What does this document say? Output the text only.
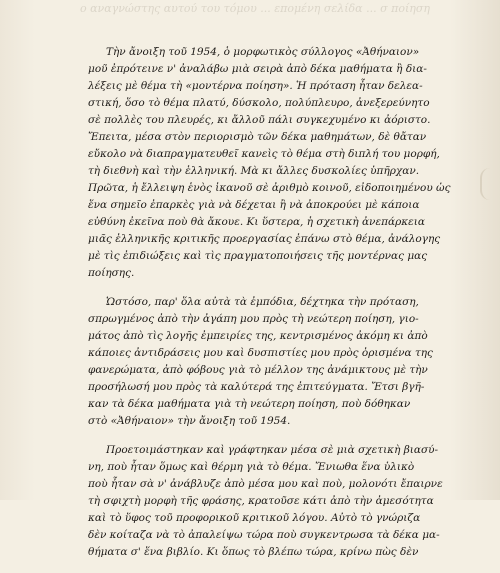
ο αναγνώστης αυτού του τόμου ... επομένη σελίδα ... σ ποίηση
Τὴν ἄνοιξη τοῦ 1954, ὁ μορφωτικὸς σύλλογος «Ἀθήναιον»
μοῦ ἐπρότεινε ν' ἀναλάβω μιὰ σειρὰ ἀπὸ δέκα μαθήματα ἢ δια-
λέξεις μὲ θέμα τὴ «μοντέρνα ποίηση». Ἡ πρόταση ἦταν δελεα-
στική, ὅσο τὸ θέμα πλατύ, δύσκολο, πολύπλευρο, ἀνεξερεύνητο
σὲ πολλὲς του πλευρές, κι ἄλλοῦ πάλι συγκεχυμένο κι ἀόριστο.
Ἔπειτα, μέσα στὸν περιορισμὸ τῶν δέκα μαθημάτων, δὲ θἄταν
εὔκολο νὰ διαπραγματευθεῖ κανεὶς τὸ θέμα στὴ διπλή του μορφή,
τὴ διεθνὴ καὶ τὴν ἑλληνική. Μὰ κι ἄλλες δυσκολίες ὑπῆρχαν.
Πρῶτα, ἡ ἔλλειψη ἑνὸς ἱκανοῦ σὲ ἀριθμὸ κοινοῦ, εἰδοποιημένου ὡς
ἕνα σημεῖο ἐπαρκὲς γιὰ νὰ δέχεται ἢ νὰ ἀποκρούει μὲ κάποια
εὐθύνη ἐκεῖνα ποὺ θὰ ἄκουε. Κι ὕστερα, ἡ σχετικὴ ἀνεπάρκεια
μιᾶς ἑλληνικῆς κριτικῆς προεργασίας ἐπάνω στὸ θέμα, ἀνάλογης
μὲ τὶς ἐπιδιώξεις καὶ τὶς πραγματοποιήσεις τῆς μοντέρνας μας
ποίησης.
Ὡστόσο, παρ' ὅλα αὐτὰ τὰ ἐμπόδια, δέχτηκα τὴν πρόταση,
σπρωγμένος ἀπὸ τὴν ἀγάπη μου πρὸς τὴ νεώτερη ποίηση, γιο-
μάτος ἀπὸ τὶς λογῆς ἐμπειρίες της, κεντρισμένος ἀκόμη κι ἀπὸ
κάποιες ἀντιδράσεις μου καὶ δυσπιστίες μου πρὸς ὁρισμένα της
φανερώματα, ἀπὸ φόβους γιὰ τὸ μέλλον της ἀνάμικτους μὲ τὴν
προσήλωσή μου πρὸς τὰ καλύτερά της ἐπιτεύγματα. Ἔτσι βγῆ-
καν τὰ δέκα μαθήματα γιὰ τὴ νεώτερη ποίηση, ποὺ δόθηκαν
στὸ «Ἀθήναιον» τὴν ἄνοιξη τοῦ 1954.
Προετοιμάστηκαν καὶ γράφτηκαν μέσα σὲ μιὰ σχετικὴ βιασύ-
νη, ποὺ ἦταν ὅμως καὶ θέρμη γιὰ τὸ θέμα. Ἔνιωθα ἕνα ὑλικὸ
ποὺ ἦταν σὰ ν' ἀνάβλυζε ἀπὸ μέσα μου καὶ ποὺ, μολονότι ἔπαιρνε
τὴ σφιχτὴ μορφὴ τῆς φράσης, κρατοῦσε κάτι ἀπὸ τὴν ἀμεσότητα
καὶ τὸ ὕφος τοῦ προφορικοῦ κριτικοῦ λόγου. Αὐτὸ τὸ γνώριζα
δὲν κοίταζα νὰ τὸ ἀπαλείψω τώρα ποὺ συγκεντρωσα τὰ δέκα μα-
θήματα σ' ἕνα βιβλίο. Κι ὅπως τὸ βλέπω τώρα, κρίνω πὼς δὲν
